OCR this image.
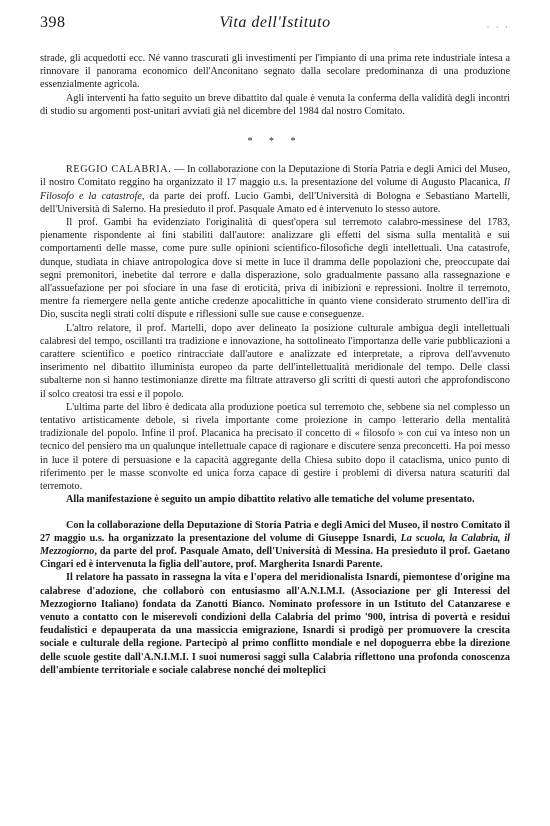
398	Vita dell'Istituto	· · ·

strade, gli acquedotti ecc. Né vanno trascurati gli investimenti per l'impianto di una prima rete industriale intesa a rinnovare il panorama economico dell'Anconitano segnato dalla secolare predominanza di una produzione essenzialmente agricola.

Agli interventi ha fatto seguito un breve dibattito dal quale è venuta la conferma della validità degli incontri di studio su argomenti post-unitari avviati già nel dicembre del 1984 dal nostro Comitato.

* * *

REGGIO CALABRIA. — In collaborazione con la Deputazione di Storia Patria e degli Amici del Museo, il nostro Comitato reggino ha organizzato il 17 maggio u.s. la presentazione del volume di Augusto Placanica, Il Filosofo e la catastrofe, da parte dei proff. Lucio Gambi, dell'Università di Bologna e Sebastiano Martelli, dell'Università di Salerno. Ha presieduto il prof. Pasquale Amato ed è intervenuto lo stesso autore.

Il prof. Gambi ha evidenziato l'originalità di quest'opera sul terremoto calabro-messinese del 1783, pienamente rispondente ai fini stabiliti dall'autore: analizzare gli effetti del sisma sulla mentalità e sui comportamenti delle masse, come pure sulle opinioni scientifico-filosofiche degli intellettuali. Una catastrofe, dunque, studiata in chiave antropologica dove si mette in luce il dramma delle popolazioni che, preoccupate dai segni premonitori, inebetite dal terrore e dalla disperazione, solo gradualmente passano alla rassegnazione e all'assuefazione per poi sfociare in una fase di eroticità, priva di inibizioni e repressioni. Inoltre il terremoto, mentre fa riemergere nella gente antiche credenze apocalittiche in quanto viene considerato strumento dell'ira di Dio, suscita negli strati colti dispute e riflessioni sulle sue cause e conseguenze.

L'altro relatore, il prof. Martelli, dopo aver delineato la posizione culturale ambigua degli intellettuali calabresi del tempo, oscillanti tra tradizione e innovazione, ha sottolineato l'importanza delle varie pubblicazioni a carattere scientifico e poetico rintracciate dall'autore e analizzate ed interpretate, a riprova dell'avvenuto inserimento nel dibattito illuminista europeo da parte dell'intellettualità meridionale del tempo. Delle classi subalterne non si hanno testimonianze dirette ma filtrate attraverso gli scritti di questi autori che approfondiscono il solco creatosi tra essi e il popolo.

L'ultima parte del libro è dedicata alla produzione poetica sul terremoto che, sebbene sia nel complesso un tentativo artisticamente debole, si rivela importante come proiezione in campo letterario della mentalità tradizionale del popolo. Infine il prof. Placanica ha precisato il concetto di « filosofo » con cui va inteso non un tecnico del pensiero ma un qualunque intellettuale capace di ragionare e discutere senza preconcetti. Ha poi messo in luce il potere di persuasione e la capacità aggregante della Chiesa subito dopo il cataclisma, unico punto di riferimento per le masse sconvolte ed unica forza capace di gestire i problemi di diversa natura scaturiti dal terremoto.

Alla manifestazione è seguito un ampio dibattito relativo alle tematiche del volume presentato.

Con la collaborazione della Deputazione di Storia Patria e degli Amici del Museo, il nostro Comitato il 27 maggio u.s. ha organizzato la presentazione del volume di Giuseppe Isnardi, La scuola, la Calabria, il Mezzogiorno, da parte del prof. Pasquale Amato, dell'Università di Messina. Ha presieduto il prof. Gaetano Cingari ed è intervenuta la figlia dell'autore, prof. Margherita Isnardi Parente.

Il relatore ha passato in rassegna la vita e l'opera del meridionalista Isnardi, piemontese d'origine ma calabrese d'adozione, che collaborò con entusiasmo all'A.N.I.M.I. (Associazione per gli Interessi del Mezzogiorno Italiano) fondata da Zanotti Bianco. Nominato professore in un Istituto del Catanzarese e venuto a contatto con le miserevoli condizioni della Calabria del primo '900, intrisa di povertà e residui feudalistici e depauperata da una massiccia emigrazione, Isnardi si prodigò per promuovere la crescita sociale e culturale della regione. Partecipò al primo conflitto mondiale e nel dopoguerra ebbe la direzione delle scuole gestite dall'A.N.I.M.I. I suoi numerosi saggi sulla Calabria riflettono una profonda conoscenza dell'ambiente territoriale e sociale calabrese nonché dei molteplici
